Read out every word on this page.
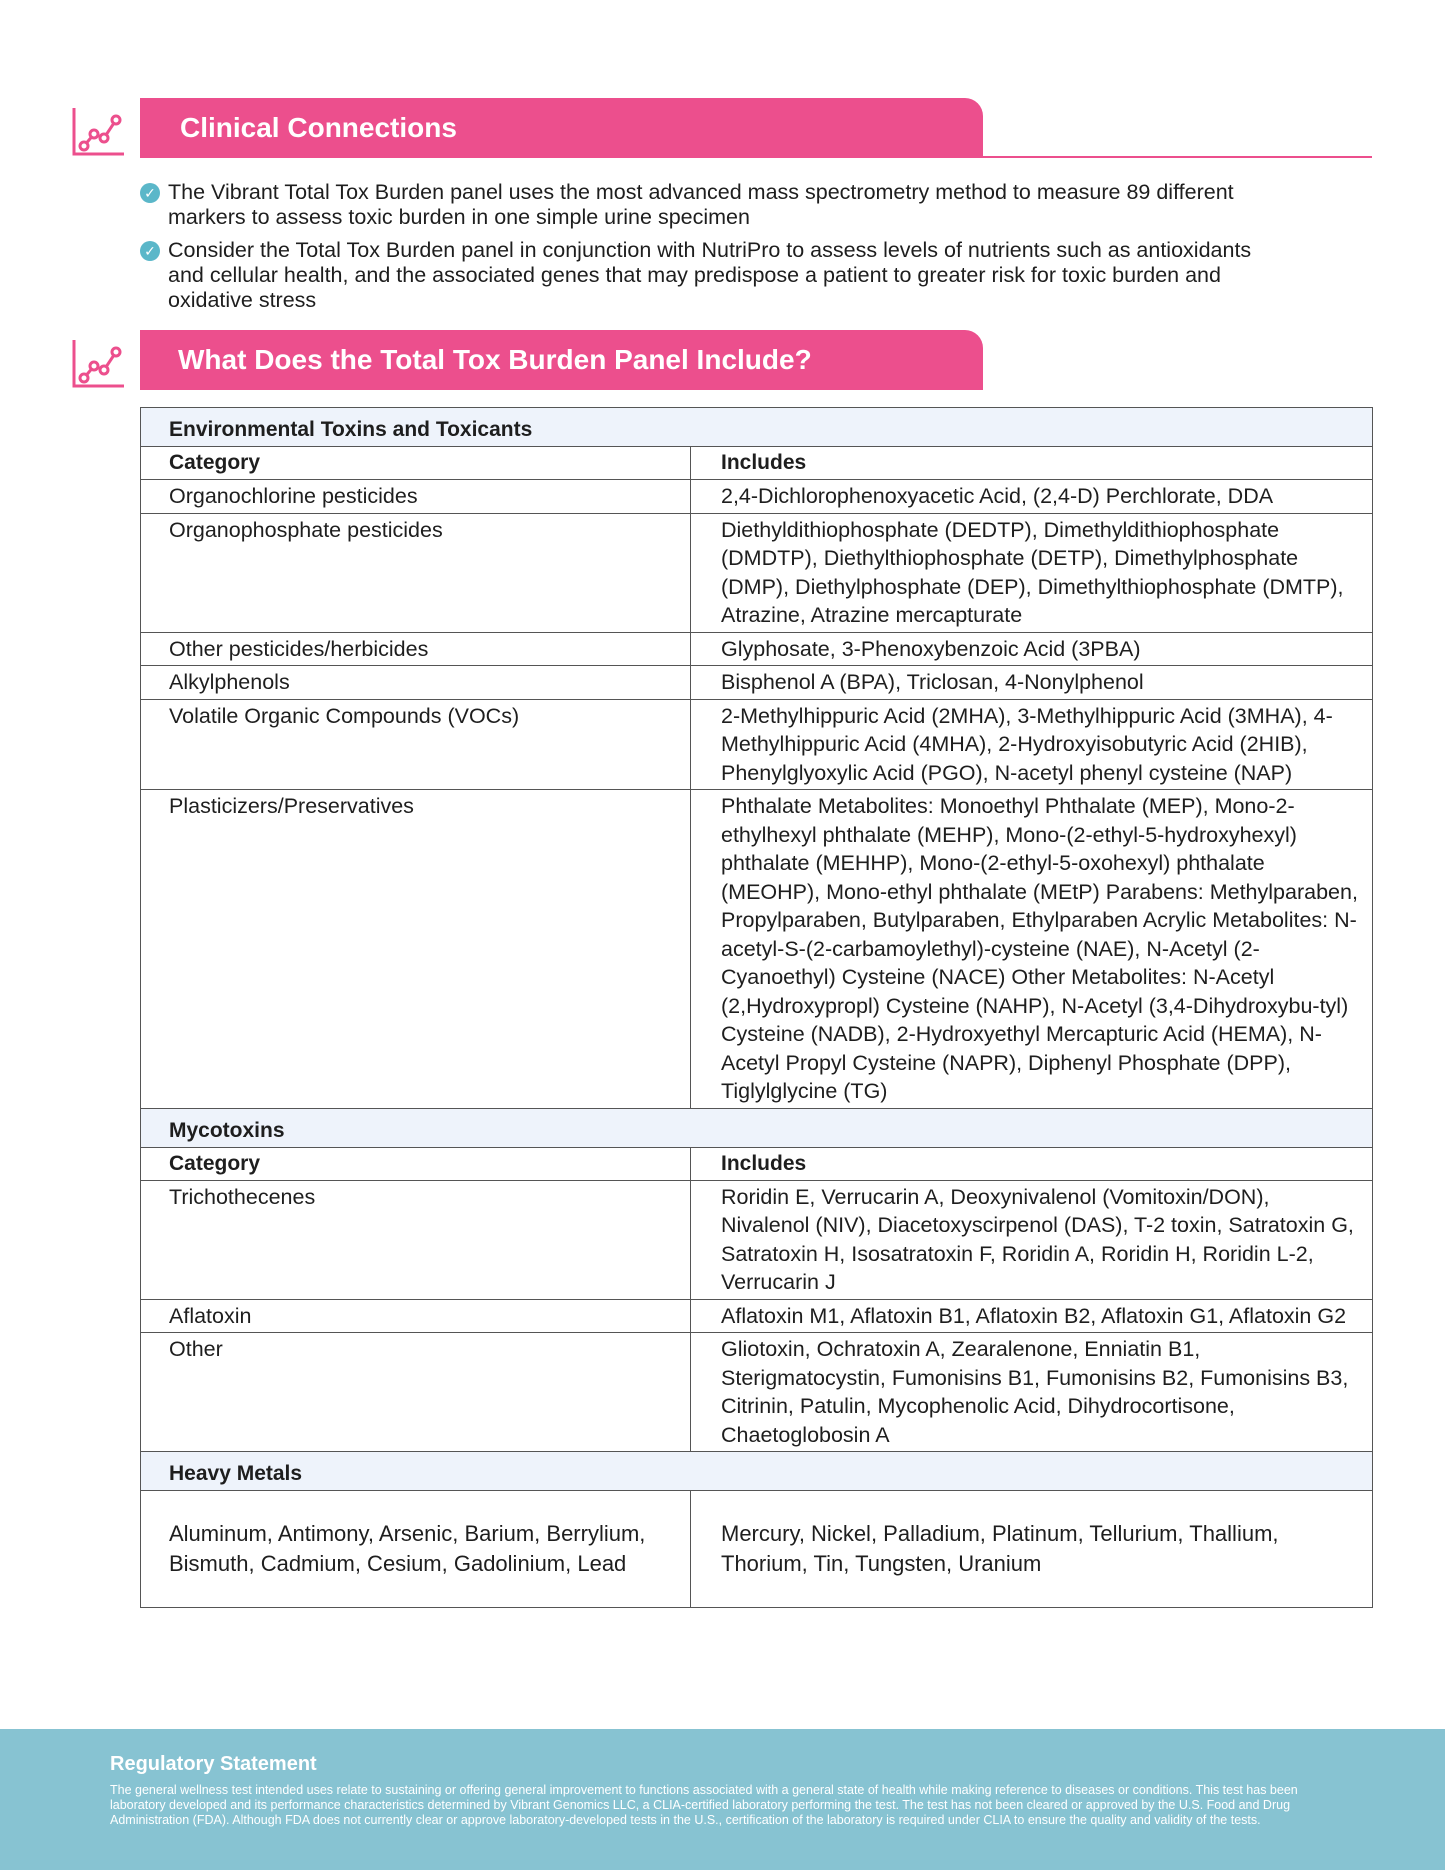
Clinical Connections
✓ The Vibrant Total Tox Burden panel uses the most advanced mass spectrometry method to measure 89 different markers to assess toxic burden in one simple urine specimen
✓ Consider the Total Tox Burden panel in conjunction with NutriPro to assess levels of nutrients such as antioxidants and cellular health, and the associated genes that may predispose a patient to greater risk for toxic burden and oxidative stress
What Does the Total Tox Burden Panel Include?
Environmental Toxins and Toxicants	
Category	Includes
Organochlorine pesticides	2,4-Dichlorophenoxyacetic Acid, (2,4-D) Perchlorate, DDA
Organophosphate pesticides	Diethyldithiophosphate (DEDTP), Dimethyldithiophosphate (DMDTP), Diethylthiophosphate (DETP), Dimethylphosphate (DMP), Diethylphosphate (DEP), Dimethylthiophosphate (DMTP), Atrazine, Atrazine mercapturate
Other pesticides/herbicides	Glyphosate, 3-Phenoxybenzoic Acid (3PBA)
Alkylphenols	Bisphenol A (BPA), Triclosan, 4-Nonylphenol
Volatile Organic Compounds (VOCs)	2-Methylhippuric Acid (2MHA), 3-Methylhippuric Acid (3MHA), 4-Methylhippuric Acid (4MHA), 2-Hydroxyisobutyric Acid (2HIB), Phenylglyoxylic Acid (PGO), N-acetyl phenyl cysteine (NAP)
Plasticizers/Preservatives	Phthalate Metabolites: Monoethyl Phthalate (MEP), Mono-2-ethylhexyl phthalate (MEHP), Mono-(2-ethyl-5-hydroxyhexyl) phthalate (MEHHP), Mono-(2-ethyl-5-oxohexyl) phthalate (MEOHP), Mono-ethyl phthalate (MEtP) Parabens: Methylparaben, Propylparaben, Butylparaben, Ethylparaben Acrylic Metabolites: N-acetyl-S-(2-carbamoylethyl)-cysteine (NAE), N-Acetyl (2-Cyanoethyl) Cysteine (NACE) Other Metabolites: N-Acetyl (2,Hydroxypropl) Cysteine (NAHP), N-Acetyl (3,4-Dihydroxybu-tyl) Cysteine (NADB), 2-Hydroxyethyl Mercapturic Acid (HEMA), N-Acetyl Propyl Cysteine (NAPR), Diphenyl Phosphate (DPP), Tiglylglycine (TG)
Mycotoxins	
Category	Includes
Trichothecenes	Roridin E, Verrucarin A, Deoxynivalenol (Vomitoxin/DON), Nivalenol (NIV), Diacetoxyscirpenol (DAS), T-2 toxin, Satratoxin G, Satratoxin H, Isosatratoxin F, Roridin A, Roridin H, Roridin L-2, Verrucarin J
Aflatoxin	Aflatoxin M1, Aflatoxin B1, Aflatoxin B2, Aflatoxin G1, Aflatoxin G2
Other	Gliotoxin, Ochratoxin A, Zearalenone, Enniatin B1, Sterigmatocystin, Fumonisins B1, Fumonisins B2, Fumonisins B3, Citrinin, Patulin, Mycophenolic Acid, Dihydrocortisone, Chaetoglobosin A
Heavy Metals	
Aluminum, Antimony, Arsenic, Barium, Berrylium, Bismuth, Cadmium, Cesium, Gadolinium, Lead	Mercury, Nickel, Palladium, Platinum, Tellurium, Thallium, Thorium, Tin, Tungsten, Uranium
Regulatory Statement
The general wellness test intended uses relate to sustaining or offering general improvement to functions associated with a general state of health while making reference to diseases or conditions. This test has been laboratory developed and its performance characteristics determined by Vibrant Genomics LLC, a CLIA-certified laboratory performing the test. The test has not been cleared or approved by the U.S. Food and Drug Administration (FDA). Although FDA does not currently clear or approve laboratory-developed tests in the U.S., certification of the laboratory is required under CLIA to ensure the quality and validity of the tests.
